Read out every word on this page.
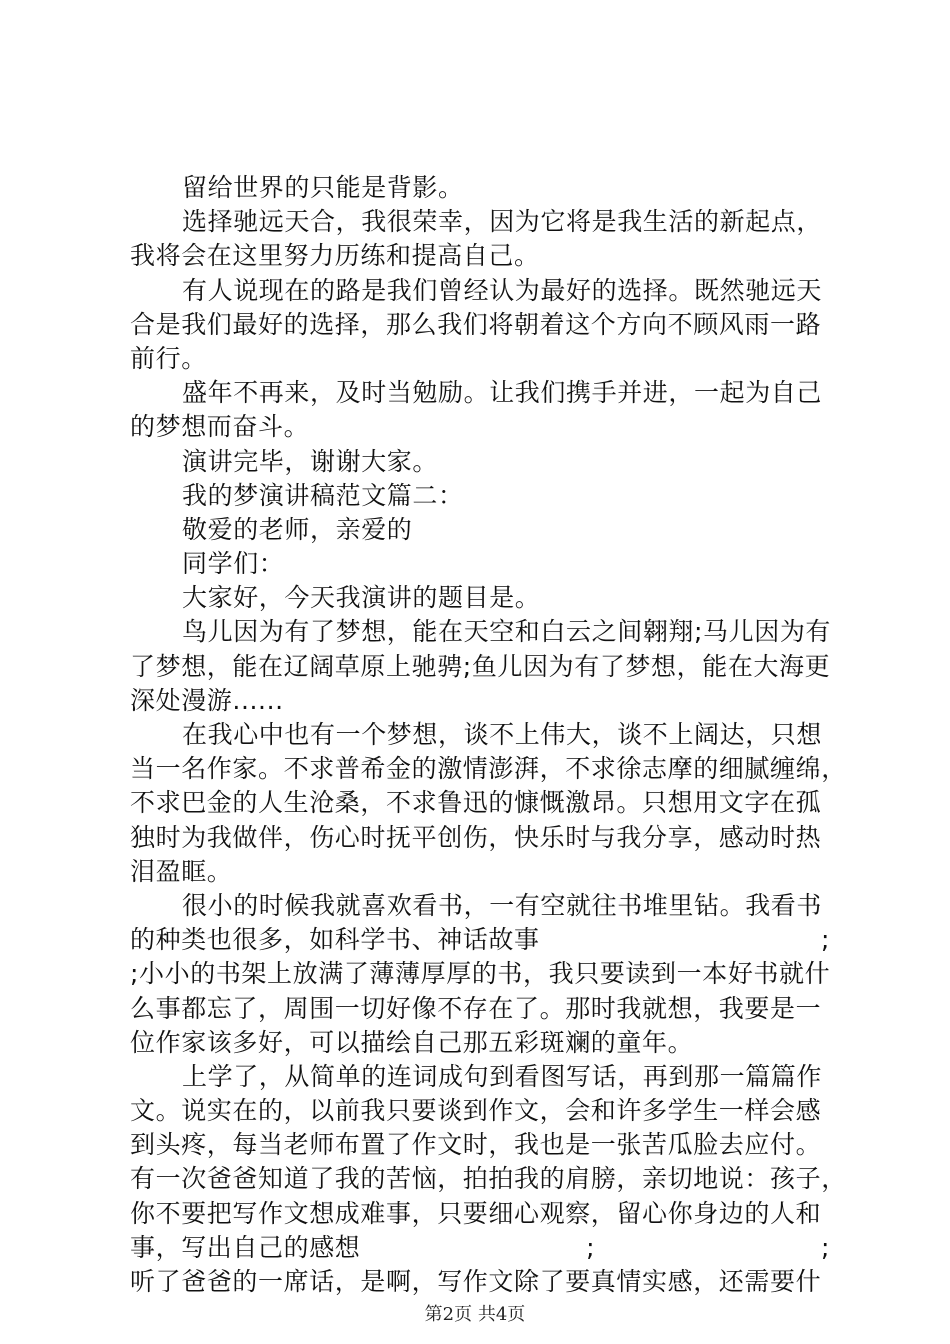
留给世界的只能是背影。
选择驰远天合，我很荣幸，因为它将是我生活的新起点，
我将会在这里努力历练和提高自己。
有人说现在的路是我们曾经认为最好的选择。既然驰远天
合是我们最好的选择，那么我们将朝着这个方向不顾风雨一路
前行。
盛年不再来，及时当勉励。让我们携手并进，一起为自己
的梦想而奋斗。
演讲完毕，谢谢大家。
我的梦演讲稿范文篇二：
敬爱的老师，亲爱的
同学们：
大家好，今天我演讲的题目是。
鸟儿因为有了梦想，能在天空和白云之间翱翔;马儿因为有
了梦想，能在辽阔草原上驰骋;鱼儿因为有了梦想，能在大海更
深处漫游......
在我心中也有一个梦想，谈不上伟大，谈不上阔达，只想
当一名作家。不求普希金的激情澎湃，不求徐志摩的细腻缠绵，
不求巴金的人生沧桑，不求鲁迅的慷慨激昂。只想用文字在孤
独时为我做伴，伤心时抚平创伤，快乐时与我分享，感动时热
泪盈眶。
很小的时候我就喜欢看书，一有空就往书堆里钻。我看书
的种类也很多，如科学书、神话故事	;
;小小的书架上放满了薄薄厚厚的书，我只要读到一本好书就什
么事都忘了，周围一切好像不存在了。那时我就想，我要是一
位作家该多好，可以描绘自己那五彩斑斓的童年。
上学了，从简单的连词成句到看图写话，再到那一篇篇作
文。说实在的，以前我只要谈到作文，会和许多学生一样会感
到头疼，每当老师布置了作文时，我也是一张苦瓜脸去应付。
有一次爸爸知道了我的苦恼，拍拍我的肩膀，亲切地说：孩子，
你不要把写作文想成难事，只要细心观察，留心你身边的人和
事，写出自己的感想	;	;
听了爸爸的一席话，是啊，写作文除了要真情实感，还需要什
第2页 共4页
